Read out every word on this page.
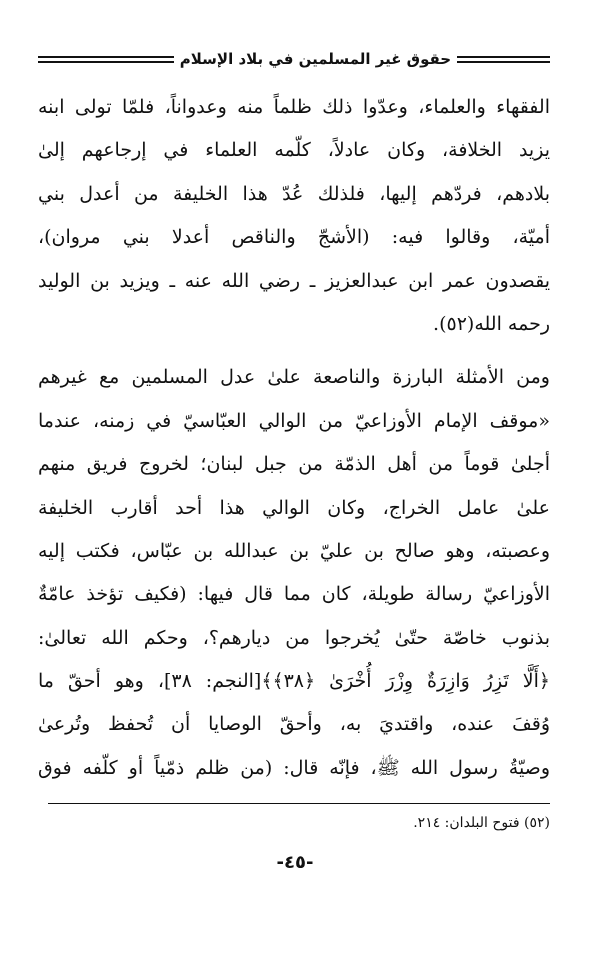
حقوق غير المسلمين في بلاد الإسلام
الفقهاء والعلماء، وعدّوا ذلك ظلماً منه وعدواناً، فلمّا تولى ابنه
يزيد الخلافة، وكان عادلاً، كلّمه العلماء في إرجاعهم إلىٰ
بلادهم، فردّهم إليها، فلذلك عُدّ هذا الخليفة من أعدل بني
أميّة، وقالوا فيه: (الأشجّ والناقص أعدلا بني مروان)،
يقصدون عمر ابن عبدالعزيز ـ رضي الله عنه ـ ويزيد بن الوليد
رحمه الله(٥٢).
ومن الأمثلة البارزة والناصعة علىٰ عدل المسلمين مع غيرهم
«موقف الإمام الأوزاعيّ من الوالي العبّاسيّ في زمنه، عندما
أجلىٰ قوماً من أهل الذمّة من جبل لبنان؛ لخروج فريق منهم
علىٰ عامل الخراج، وكان الوالي هذا أحد أقارب الخليفة
وعصبته، وهو صالح بن عليّ بن عبدالله بن عبّاس، فكتب إليه
الأوزاعيّ رسالة طويلة، كان مما قال فيها: (فكيف تؤخذ عامّةٌ
بذنوب خاصّة حتّىٰ يُخرجوا من ديارهم؟، وحكم الله تعالىٰ:
﴿أَلَّا تَزِرُ وَازِرَةٌ وِزْرَ أُخْرَىٰ ﴿٣٨﴾﴾[النجم: ٣٨]، وهو أحقّ ما
وُقفَ عنده، واقتديَ به، وأحقّ الوصايا أن تُحفظ وتُرعىٰ
وصيّةُ رسول الله ﷺ، فإنّه قال: (من ظلم ذمّياً أو كلّفه فوق
(٥٢) فتوح البلدان: ٢١٤.
-٤٥-
